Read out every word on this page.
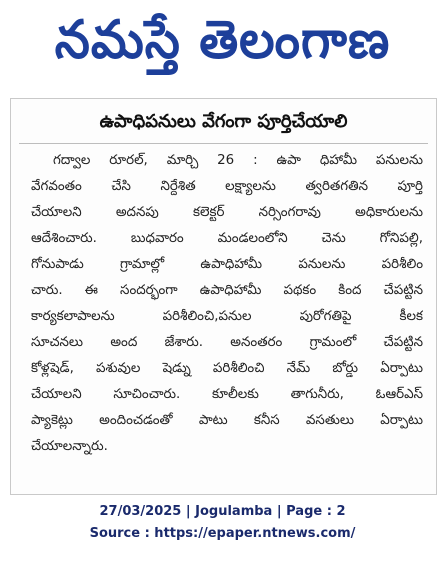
నమస్తే తెలంగాణ
ఉపాధిపనులు వేగంగా పూర్తిచేయాలి
గద్వాల రూరల్, మార్చి 26 : ఉపా ధిహామీ పనులను
వేగవంతం చేసి నిర్దేశిత లక్ష్యాలను త్వరితగతిన పూర్తి
చేయాలని అదనపు కలెక్టర్ నర్సింగరావు అధికారులను
ఆదేశించారు. బుధవారం మండలంలోని చెను గోనిపల్లి,
గోనుపాడు గ్రామాల్లో ఉపాధిహామీ పనులను పరిశీలిం
చారు. ఈ సందర్భంగా ఉపాధిహామీ పథకం కింద చేపట్టిన
కార్యకలాపాలను పరిశీలించి,పనుల పురోగతిపై కీలక
సూచనలు అంద జేశారు. అనంతరం గ్రామంలో చేపట్టిన
కోళ్లషెడ్, పశువుల షెడ్ను పరిశీలించి నేమ్ బోర్డు ఏర్పాటు
చేయాలని సూచించారు. కూలీలకు తాగునీరు, ఓఆర్ఎస్
ప్యాకెట్లు అందించడంతో పాటు కనీస వసతులు ఏర్పాటు
చేయాలన్నారు.
27/03/2025 | Jogulamba | Page : 2
Source : https://epaper.ntnews.com/
